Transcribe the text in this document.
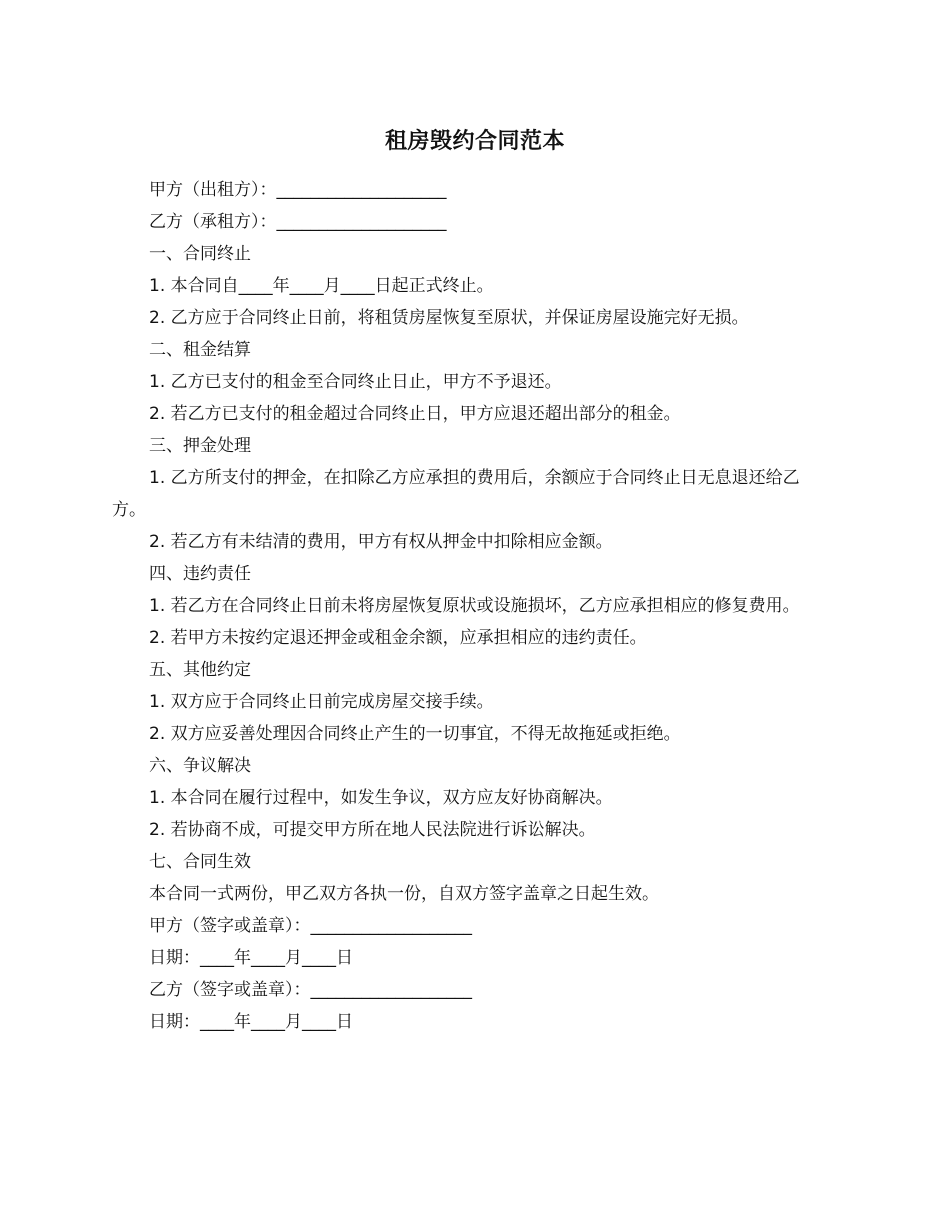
租房毁约合同范本

甲方（出租方）：____________________

乙方（承租方）：____________________

一、合同终止

1. 本合同自____年____月____日起正式终止。

2. 乙方应于合同终止日前，将租赁房屋恢复至原状，并保证房屋设施完好无损。

二、租金结算

1. 乙方已支付的租金至合同终止日止，甲方不予退还。

2. 若乙方已支付的租金超过合同终止日，甲方应退还超出部分的租金。

三、押金处理

1. 乙方所支付的押金，在扣除乙方应承担的费用后，余额应于合同终止日无息退还给乙方。

2. 若乙方有未结清的费用，甲方有权从押金中扣除相应金额。

四、违约责任

1. 若乙方在合同终止日前未将房屋恢复原状或设施损坏，乙方应承担相应的修复费用。

2. 若甲方未按约定退还押金或租金余额，应承担相应的违约责任。

五、其他约定

1. 双方应于合同终止日前完成房屋交接手续。

2. 双方应妥善处理因合同终止产生的一切事宜，不得无故拖延或拒绝。

六、争议解决

1. 本合同在履行过程中，如发生争议，双方应友好协商解决。

2. 若协商不成，可提交甲方所在地人民法院进行诉讼解决。

七、合同生效

本合同一式两份，甲乙双方各执一份，自双方签字盖章之日起生效。

甲方（签字或盖章）：___________________

日期：____年____月____日

乙方（签字或盖章）：___________________

日期：____年____月____日
